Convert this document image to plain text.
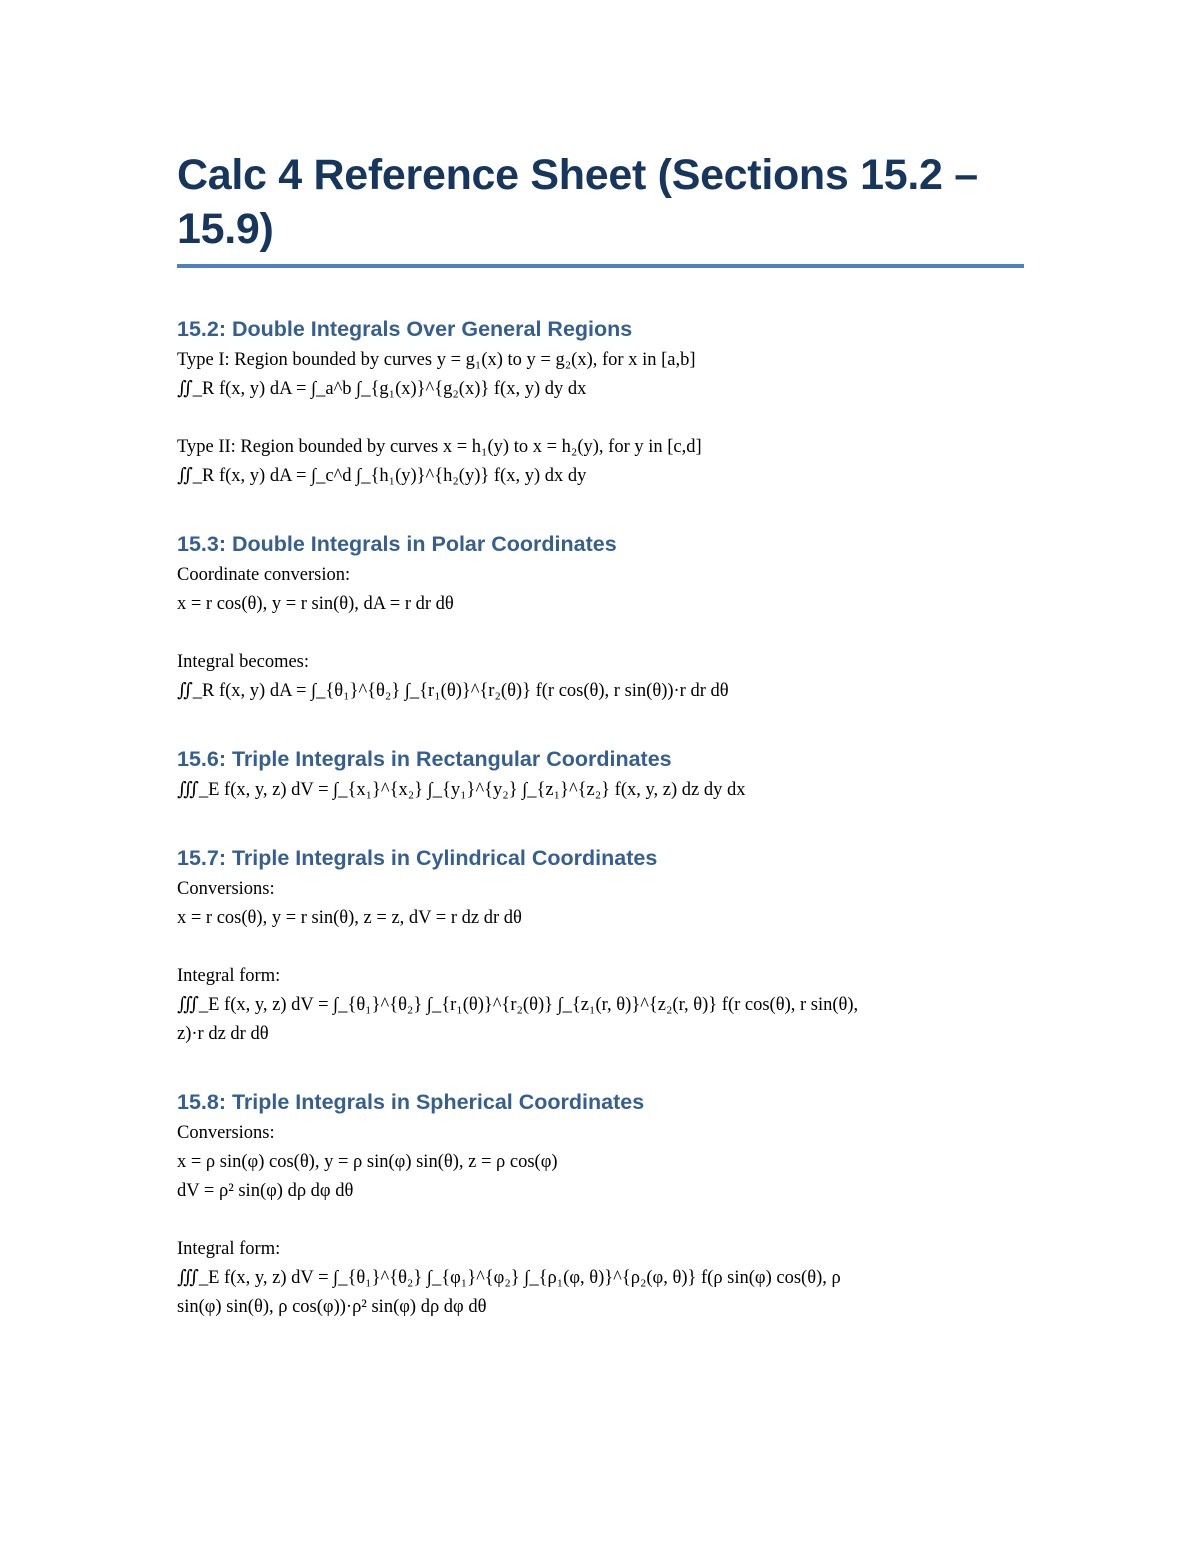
Calc 4 Reference Sheet (Sections 15.2 – 15.9)
15.2: Double Integrals Over General Regions
Type I: Region bounded by curves y = g₁(x) to y = g₂(x), for x in [a,b]
∬_R f(x, y) dA = ∫_a^b ∫_{g₁(x)}^{g₂(x)} f(x, y) dy dx
Type II: Region bounded by curves x = h₁(y) to x = h₂(y), for y in [c,d]
∬_R f(x, y) dA = ∫_c^d ∫_{h₁(y)}^{h₂(y)} f(x, y) dx dy
15.3: Double Integrals in Polar Coordinates
Coordinate conversion:
x = r cos(θ), y = r sin(θ), dA = r dr dθ
Integral becomes:
∬_R f(x, y) dA = ∫_{θ₁}^{θ₂} ∫_{r₁(θ)}^{r₂(θ)} f(r cos(θ), r sin(θ))·r dr dθ
15.6: Triple Integrals in Rectangular Coordinates
∭_E f(x, y, z) dV = ∫_{x₁}^{x₂} ∫_{y₁}^{y₂} ∫_{z₁}^{z₂} f(x, y, z) dz dy dx
15.7: Triple Integrals in Cylindrical Coordinates
Conversions:
x = r cos(θ), y = r sin(θ), z = z, dV = r dz dr dθ
Integral form:
∭_E f(x, y, z) dV = ∫_{θ₁}^{θ₂} ∫_{r₁(θ)}^{r₂(θ)} ∫_{z₁(r, θ)}^{z₂(r, θ)} f(r cos(θ), r sin(θ),
z)·r dz dr dθ
15.8: Triple Integrals in Spherical Coordinates
Conversions:
x = ρ sin(φ) cos(θ), y = ρ sin(φ) sin(θ), z = ρ cos(φ)
dV = ρ² sin(φ) dρ dφ dθ
Integral form:
∭_E f(x, y, z) dV = ∫_{θ₁}^{θ₂} ∫_{φ₁}^{φ₂} ∫_{ρ₁(φ, θ)}^{ρ₂(φ, θ)} f(ρ sin(φ) cos(θ), ρ
sin(φ) sin(θ), ρ cos(φ))·ρ² sin(φ) dρ dφ dθ
